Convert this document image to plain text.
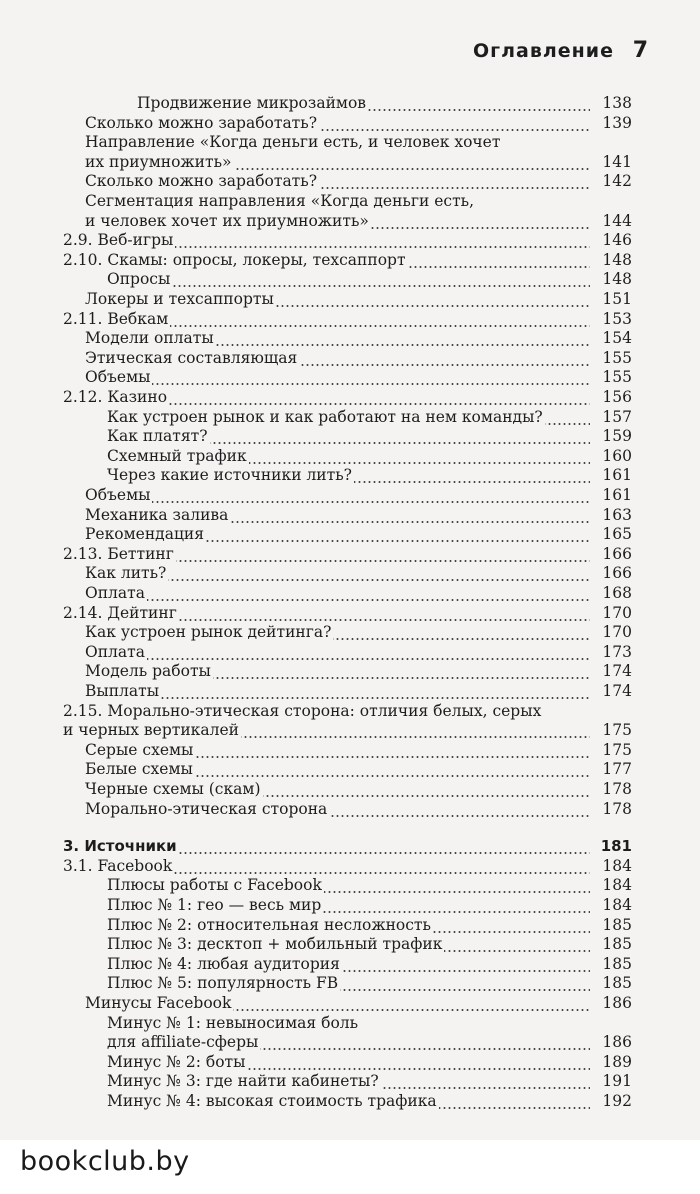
Оглавление 7
Продвижение микрозаймов	138
Сколько можно заработать?	139
Направление «Когда деньги есть, и человек хочет
их приумножить»	141
Сколько можно заработать?	142
Сегментация направления «Когда деньги есть,
и человек хочет их приумножить»	144
2.9. Веб-игры	146
2.10. Скамы: опросы, локеры, техсаппорт	148
Опросы	148
Локеры и техсаппорты	151
2.11. Вебкам	153
Модели оплаты	154
Этическая составляющая	155
Объемы	155
2.12. Казино	156
Как устроен рынок и как работают на нем команды?	157
Как платят?	159
Схемный трафик	160
Через какие источники лить?	161
Объемы	161
Механика залива	163
Рекомендация	165
2.13. Беттинг	166
Как лить?	166
Оплата	168
2.14. Дейтинг	170
Как устроен рынок дейтинга?	170
Оплата	173
Модель работы	174
Выплаты	174
2.15. Морально-этическая сторона: отличия белых, серых
и черных вертикалей	175
Серые схемы	175
Белые схемы	177
Черные схемы (скам)	178
Морально-этическая сторона	178
3. Источники	181
3.1. Facebook	184
Плюсы работы с Facebook	184
Плюс № 1: гео — весь мир	184
Плюс № 2: относительная несложность	185
Плюс № 3: десктоп + мобильный трафик	185
Плюс № 4: любая аудитория	185
Плюс № 5: популярность FB	185
Минусы Facebook	186
Минус № 1: невыносимая боль
для affiliate-сферы	186
Минус № 2: боты	189
Минус № 3: где найти кабинеты?	191
Минус № 4: высокая стоимость трафика	192
bookclub.by
